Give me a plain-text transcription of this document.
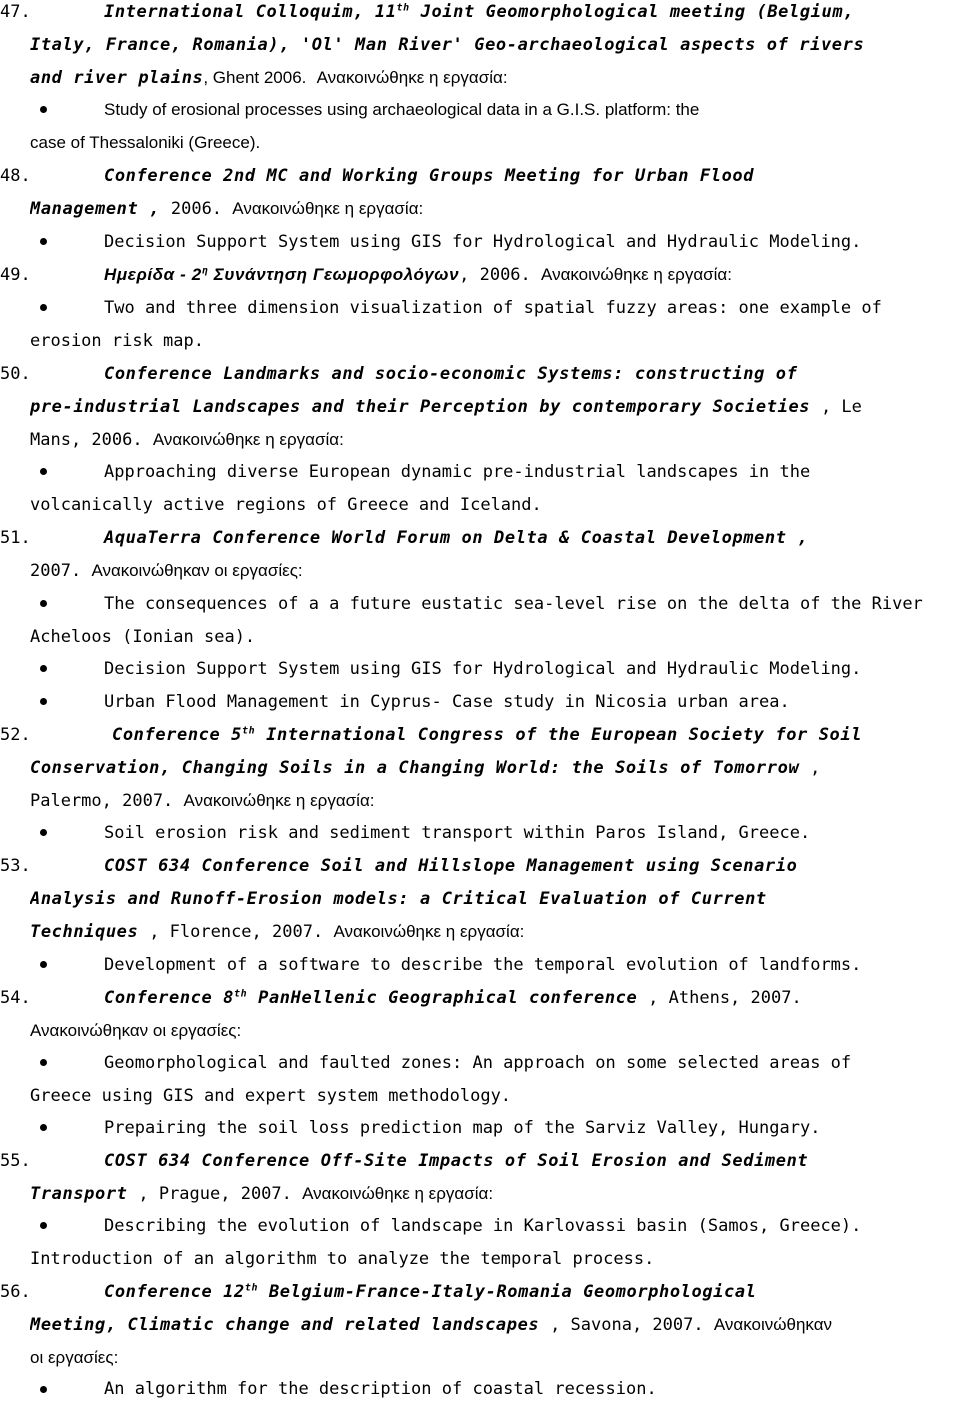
47.	International Colloquim, 11th Joint Geomorphological meeting (Belgium,
Italy, France, Romania), 'Ol' Man River' Geo-archaeological aspects of rivers
and river plains, Ghent 2006. Ανακοινώθηκε η εργασία:
Study of erosional processes using archaeological data in a G.I.S. platform: the
case of Thessaloniki (Greece).
48.	Conference 2nd MC and Working Groups Meeting for Urban Flood
Management , 2006. Ανακοινώθηκε η εργασία:
Decision Support System using GIS for Hydrological and Hydraulic Modeling.
49.	Ημερίδα - $2^\eta$ Συνάντηση Γεωμορφολόγων, 2006. Ανακοινώθηκε η εργασία:
Two and three dimension visualization of spatial fuzzy areas: one example of
erosion risk map.
50.	Conference Landmarks and socio-economic Systems: constructing of
pre-industrial Landscapes and their Perception by contemporary Societies , Le
Mans, 2006. Ανακοινώθηκε η εργασία:
Approaching diverse European dynamic pre-industrial landscapes in the
volcanically active regions of Greece and Iceland.
51.	AquaTerra Conference World Forum on Delta & Coastal Development ,
2007. Ανακοινώθηκαν οι εργασίες:
The consequences of a a future eustatic sea-level rise on the delta of the River
Acheloos (Ionian sea).
Decision Support System using GIS for Hydrological and Hydraulic Modeling.
Urban Flood Management in Cyprus- Case study in Nicosia urban area.
52.	Conference 5th International Congress of the European Society for Soil
Conservation, Changing Soils in a Changing World: the Soils of Tomorrow ,
Palermo, 2007. Ανακοινώθηκε η εργασία:
Soil erosion risk and sediment transport within Paros Island, Greece.
53.	COST 634 Conference Soil and Hillslope Management using Scenario
Analysis and Runoff-Erosion models: a Critical Evaluation of Current
Techniques , Florence, 2007. Ανακοινώθηκε η εργασία:
Development of a software to describe the temporal evolution of landforms.
54.	Conference 8th PanHellenic Geographical conference , Athens, 2007.
Ανακοινώθηκαν οι εργασίες:
Geomorphological and faulted zones: An approach on some selected areas of
Greece using GIS and expert system methodology.
Prepairing the soil loss prediction map of the Sarviz Valley, Hungary.
55.	COST 634 Conference Off-Site Impacts of Soil Erosion and Sediment
Transport , Prague, 2007. Ανακοινώθηκε η εργασία:
Describing the evolution of landscape in Karlovassi basin (Samos, Greece).
Introduction of an algorithm to analyze the temporal process.
56.	Conference 12th Belgium-France-Italy-Romania Geomorphological
Meeting, Climatic change and related landscapes , Savona, 2007. Ανακοινώθηκαν
οι εργασίες:
An algorithm for the description of coastal recession.
